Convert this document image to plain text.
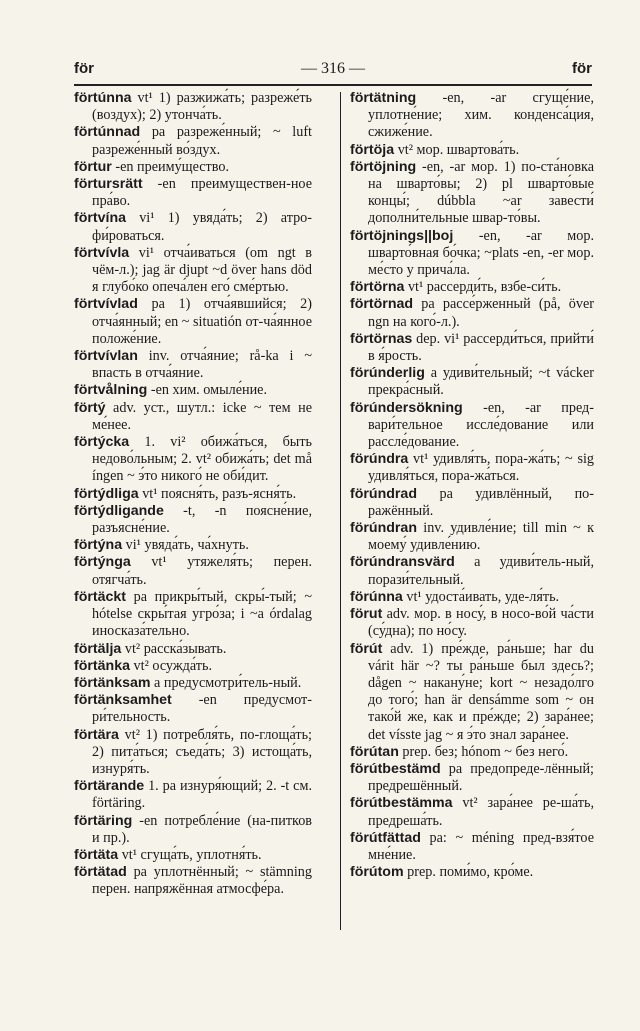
för	— 316 —	för
förtúnna vt¹ 1) разжижа́ть; разреже́ть (воздух); 2) утонча́ть.
förtúnnad pa разреже́нный; ~ luft разреже́нный во́здух.
förtur -en преиму́щество.
förtursrätt -en преимуществен-ное пра́во.
förtvína vi¹ 1) увяда́ть; 2) атро-фи́роваться.
förtvívla vi¹ отча́иваться (om ngt в чём-л.); jag är djupt ~d över hans död я глубо́ко опеча́лен его́ сме́ртью.
förtvívlad pa 1) отча́явшийся; 2) отча́янный; en ~ situatión от-ча́янное положе́ние.
förtvívlan inv. отча́яние; rå-ka i ~ впасть в отча́яние.
förtvålning -en хим. омыле́ние.
förtý adv. уст., шутл.: icke ~ тем не ме́нее.
förtýcka 1. vi² обижа́ться, быть недово́льным; 2. vt² обижа́ть; det må íngen ~ э́то никого́ не оби́дит.
förtýdliga vt¹ поясня́ть, разъ-ясня́ть.
förtýdligande -t, -n поясне́ние, разъясне́ние.
förtýna vi¹ увяда́ть, ча́хнуть.
förtýnga vt¹ утяжеля́ть; перен. отягча́ть.
förtäckt pa прикры́тый, скры́-тый; ~ hótelse скры́тая угро́за; i ~a órdalag иносказа́тельно.
förtälja vt² расска́зывать.
förtänka vt² осужда́ть.
förtänksam a предусмотри́тель-ный.
förtänksamhet -en предусмот-ри́тельность.
förtära vt² 1) потребля́ть, по-глоща́ть; 2) пита́ться; съеда́ть; 3) истоща́ть, изнуря́ть.
förtärande 1. pa изнуря́ющий; 2. -t см. förtäring.
förtäring -en потребле́ние (на-питков и пр.).
förtäta vt¹ сгуща́ть, уплотня́ть.
förtätad pa уплотнённый; ~ stämning перен. напряжённая атмосфе́ра.
förtätning -en, -ar сгуще́ние, уплотне́ние; хим. конденса́ция, сжиже́ние.
förtöja vt² мор. швартова́ть.
förtöjning -en, -ar мор. 1) по-ста́новка на шварто́вы; 2) pl шварто́вые концы́; dúbbla ~ar завести́ дополни́тельные швар-то́вы.
förtöjnings||boj -en, -ar мор. шварто́вная бо́чка; ~plats -en, -er мор. ме́сто у прича́ла.
förtörna vt¹ рассерди́ть, взбе-си́ть.
förtörnad pa рассе́рженный (på, över ngn на кого́-л.).
förtörnas dep. vi¹ рассерди́ться, прийти́ в я́рость.
förúnderlig a удиви́тельный; ~t vácker прекра́сный.
förúndersökning -en, -ar пред-вари́тельное иссле́дование или рассле́дование.
förúndra vt¹ удивля́ть, пора-жа́ть; ~ sig удивля́ться, пора-жа́ться.
förúndrad pa удивлённый, по-ражённый.
förúndran inv. удивле́ние; till min ~ к моему́ удивле́нию.
förúndransvärd a удиви́тель-ный, порази́тельный.
förúnna vt¹ удоста́ивать, уде-ля́ть.
förut adv. мор. в носу́, в носо-во́й ча́сти (су́дна); по но́су.
förút adv. 1) пре́жде, ра́ньше; har du várit här ~? ты ра́ньше был здесь?; dågen ~ накану́не; kort ~ незадо́лго до того́; han är densámme som ~ он тако́й же, как и пре́жде; 2) зара́нее; det vísste jag ~ я э́то знал зара́нее.
förútan prep. без; hónom ~ без него́.
förútbestämd pa предопреде-лённый; предрешённый.
förútbestämma vt² зара́нее ре-ша́ть, предреша́ть.
förútfättad pa: ~ méning пред-взя́тое мне́ние.
förútom prep. поми́мо, кро́ме.
